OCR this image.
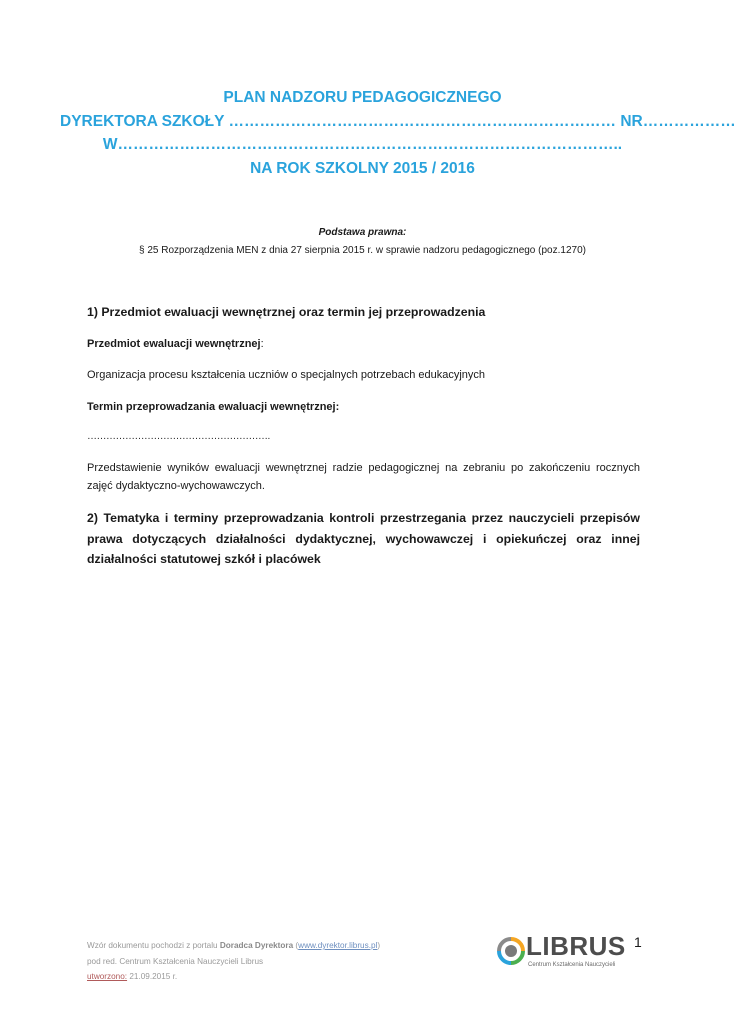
PLAN NADZORU PEDAGOGICZNEGO
DYREKTORA SZKOŁY ………………………………………………………………… NR………………
W……………………………………………………………………………………..
NA ROK SZKOLNY 2015 / 2016
Podstawa prawna:
§ 25 Rozporządzenia MEN z dnia 27 sierpnia 2015 r. w sprawie nadzoru pedagogicznego (poz.1270)
1) Przedmiot ewaluacji wewnętrznej oraz termin jej przeprowadzenia
Przedmiot ewaluacji wewnętrznej:
Organizacja procesu kształcenia uczniów o specjalnych potrzebach edukacyjnych
Termin przeprowadzania ewaluacji wewnętrznej:
………………………………………………….
Przedstawienie wyników ewaluacji wewnętrznej radzie pedagogicznej na zebraniu po zakończeniu rocznych zajęć dydaktyczno-wychowawczych.
2) Tematyka i terminy przeprowadzania kontroli przestrzegania przez nauczycieli przepisów prawa dotyczących działalności dydaktycznej, wychowawczej i opiekuńczej oraz innej działalności statutowej szkół i placówek
Wzór dokumentu pochodzi z portalu Doradca Dyrektora (www.dyrektor.librus.pl)
pod red. Centrum Kształcenia Nauczycieli Librus
utworzono: 21.09.2015 r.
LIBRUS
Centrum Kształcenia Nauczycieli
1
